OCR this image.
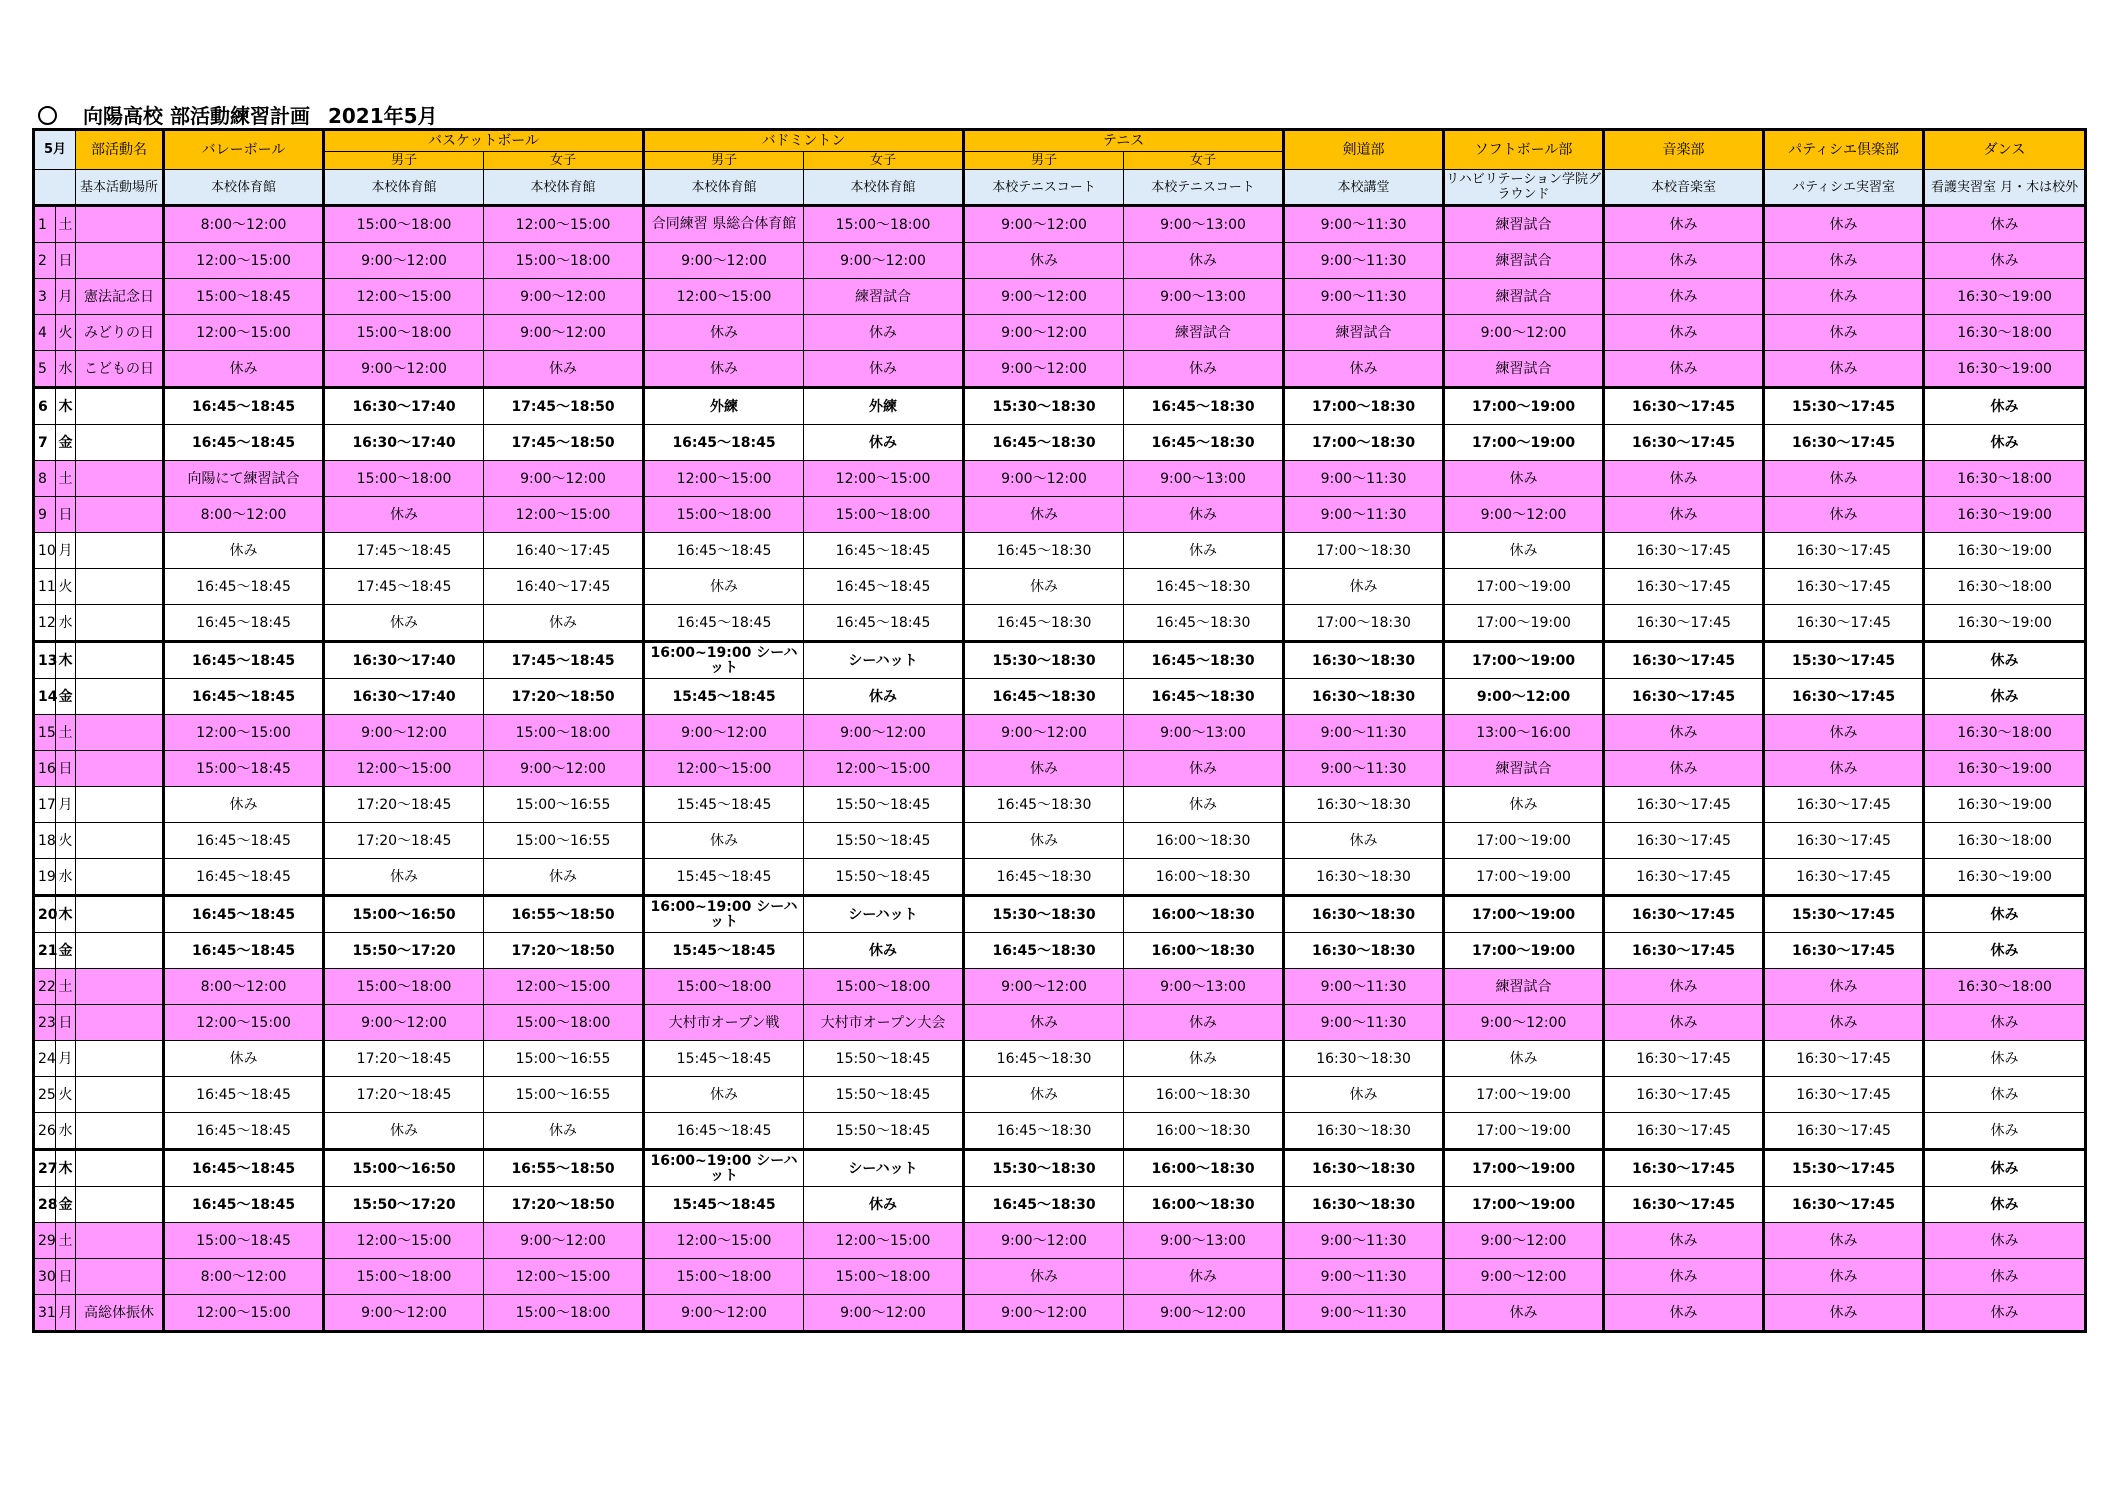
向陽高校 部活動練習計画 2021年5月
5月		部活動名	バレーボール	バスケットボール		バドミントン		テニス		剣道部	ソフトボール部	音楽部	パティシエ倶楽部	ダンス
				男子	女子	男子	女子	男子	女子					
		基本活動場所	本校体育館	本校体育館	本校体育館	本校体育館	本校体育館	本校テニスコート	本校テニスコート	本校講堂	リハビリテーション学院グラウンド	本校音楽室	パティシエ実習室	看護実習室 月・木は校外
1	土		8:00～12:00	15:00～18:00	12:00～15:00	合同練習 県総合体育館	15:00～18:00	9:00～12:00	9:00～13:00	9:00～11:30	練習試合	休み	休み	休み
2	日		12:00～15:00	9:00～12:00	15:00～18:00	9:00～12:00	9:00～12:00	休み	休み	9:00～11:30	練習試合	休み	休み	休み
3	月	憲法記念日	15:00～18:45	12:00～15:00	9:00～12:00	12:00～15:00	練習試合	9:00～12:00	9:00～13:00	9:00～11:30	練習試合	休み	休み	16:30～19:00
4	火	みどりの日	12:00～15:00	15:00～18:00	9:00～12:00	休み	休み	9:00～12:00	練習試合	練習試合	9:00～12:00	休み	休み	16:30～18:00
5	水	こどもの日	休み	9:00～12:00	休み	休み	休み	9:00～12:00	休み	休み	練習試合	休み	休み	16:30～19:00
6	木		16:45～18:45	16:30～17:40	17:45～18:50	外練	外練	15:30～18:30	16:45～18:30	17:00～18:30	17:00～19:00	16:30～17:45	15:30～17:45	休み
7	金		16:45～18:45	16:30～17:40	17:45～18:50	16:45～18:45	休み	16:45～18:30	16:45～18:30	17:00～18:30	17:00～19:00	16:30～17:45	16:30～17:45	休み
8	土		向陽にて練習試合	15:00～18:00	9:00～12:00	12:00～15:00	12:00～15:00	9:00～12:00	9:00～13:00	9:00～11:30	休み	休み	休み	16:30～18:00
9	日		8:00～12:00	休み	12:00～15:00	15:00～18:00	15:00～18:00	休み	休み	9:00～11:30	9:00～12:00	休み	休み	16:30～19:00
10	月		休み	17:45～18:45	16:40～17:45	16:45～18:45	16:45～18:45	16:45～18:30	休み	17:00～18:30	休み	16:30～17:45	16:30～17:45	16:30～19:00
11	火		16:45～18:45	17:45～18:45	16:40～17:45	休み	16:45～18:45	休み	16:45～18:30	休み	17:00～19:00	16:30～17:45	16:30～17:45	16:30～18:00
12	水		16:45～18:45	休み	休み	16:45～18:45	16:45～18:45	16:45～18:30	16:45～18:30	17:00～18:30	17:00～19:00	16:30～17:45	16:30～17:45	16:30～19:00
13	木		16:45～18:45	16:30～17:40	17:45～18:45	16:00~19:00 シーハット	シーハット	15:30～18:30	16:45～18:30	16:30～18:30	17:00～19:00	16:30～17:45	15:30～17:45	休み
14	金		16:45～18:45	16:30～17:40	17:20～18:50	15:45～18:45	休み	16:45～18:30	16:45～18:30	16:30～18:30	9:00～12:00	16:30～17:45	16:30～17:45	休み
15	土		12:00～15:00	9:00～12:00	15:00～18:00	9:00～12:00	9:00～12:00	9:00～12:00	9:00～13:00	9:00～11:30	13:00～16:00	休み	休み	16:30～18:00
16	日		15:00～18:45	12:00～15:00	9:00～12:00	12:00～15:00	12:00～15:00	休み	休み	9:00～11:30	練習試合	休み	休み	16:30～19:00
17	月		休み	17:20～18:45	15:00～16:55	15:45～18:45	15:50～18:45	16:45～18:30	休み	16:30～18:30	休み	16:30～17:45	16:30～17:45	16:30～19:00
18	火		16:45～18:45	17:20～18:45	15:00～16:55	休み	15:50～18:45	休み	16:00～18:30	休み	17:00～19:00	16:30～17:45	16:30～17:45	16:30～18:00
19	水		16:45～18:45	休み	休み	15:45～18:45	15:50～18:45	16:45～18:30	16:00～18:30	16:30～18:30	17:00～19:00	16:30～17:45	16:30～17:45	16:30～19:00
20	木		16:45～18:45	15:00～16:50	16:55～18:50	16:00~19:00 シーハット	シーハット	15:30～18:30	16:00～18:30	16:30～18:30	17:00～19:00	16:30～17:45	15:30～17:45	休み
21	金		16:45～18:45	15:50～17:20	17:20～18:50	15:45～18:45	休み	16:45～18:30	16:00～18:30	16:30～18:30	17:00～19:00	16:30～17:45	16:30～17:45	休み
22	土		8:00～12:00	15:00～18:00	12:00～15:00	15:00～18:00	15:00～18:00	9:00～12:00	9:00～13:00	9:00～11:30	練習試合	休み	休み	16:30～18:00
23	日		12:00～15:00	9:00～12:00	15:00～18:00	大村市オープン戦	大村市オープン大会	休み	休み	9:00～11:30	9:00～12:00	休み	休み	休み
24	月		休み	17:20～18:45	15:00～16:55	15:45～18:45	15:50～18:45	16:45～18:30	休み	16:30～18:30	休み	16:30～17:45	16:30～17:45	休み
25	火		16:45～18:45	17:20～18:45	15:00～16:55	休み	15:50～18:45	休み	16:00～18:30	休み	17:00～19:00	16:30～17:45	16:30～17:45	休み
26	水		16:45～18:45	休み	休み	16:45～18:45	15:50～18:45	16:45～18:30	16:00～18:30	16:30～18:30	17:00～19:00	16:30～17:45	16:30～17:45	休み
27	木		16:45～18:45	15:00～16:50	16:55～18:50	16:00~19:00 シーハット	シーハット	15:30～18:30	16:00～18:30	16:30～18:30	17:00～19:00	16:30～17:45	15:30～17:45	休み
28	金		16:45～18:45	15:50～17:20	17:20～18:50	15:45～18:45	休み	16:45～18:30	16:00～18:30	16:30～18:30	17:00～19:00	16:30～17:45	16:30～17:45	休み
29	土		15:00～18:45	12:00～15:00	9:00～12:00	12:00～15:00	12:00～15:00	9:00～12:00	9:00～13:00	9:00～11:30	9:00～12:00	休み	休み	休み
30	日		8:00～12:00	15:00～18:00	12:00～15:00	15:00～18:00	15:00～18:00	休み	休み	9:00～11:30	9:00～12:00	休み	休み	休み
31	月	高総体振休	12:00～15:00	9:00～12:00	15:00～18:00	9:00～12:00	9:00～12:00	9:00～12:00	9:00～12:00	9:00～11:30	休み	休み	休み	休み
